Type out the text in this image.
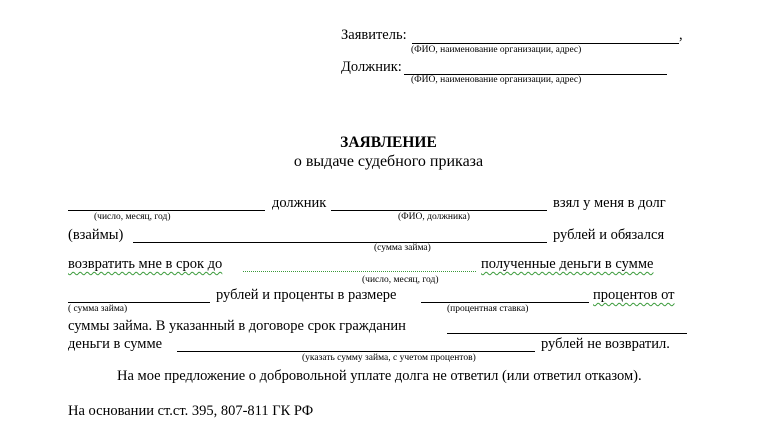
Заявитель:	,
(ФИО, наименование организации, адрес)
Должник:
(ФИО, наименование организации, адрес)
ЗАЯВЛЕНИЕ
о выдаче судебного приказа
должник	взял у меня в долг
(число, месяц, год)	(ФИО, должника)
(взаймы)	рублей и обязался
(сумма займа)
возвратить мне в срок до	полученные деньги в сумме
(число, месяц, год)
рублей и проценты в размере	процентов от
( сумма займа)	(процентная ставка)
суммы займа. В указанный в договоре срок гражданин
деньги в сумме	рублей не возвратил.
(указать сумму займа, с учетом процентов)
На мое предложение о добровольной уплате долга не ответил (или ответил отказом).
На основании ст.ст. 395, 807-811 ГК РФ
